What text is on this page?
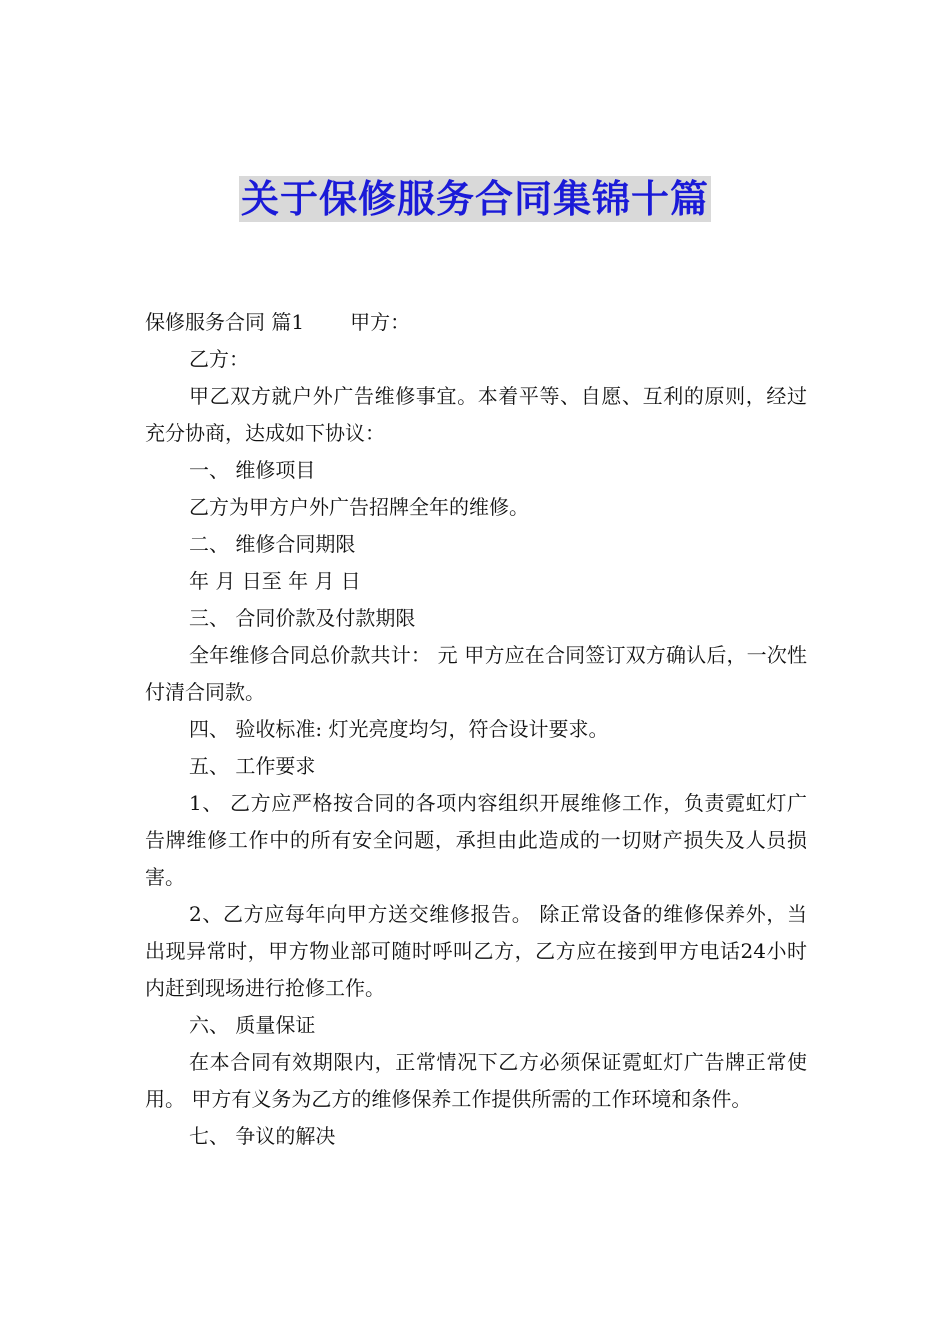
关于保修服务合同集锦十篇

保修服务合同 篇1 甲方：

乙方：

甲乙双方就户外广告维修事宜。本着平等、自愿、互利的原则，经过充分协商，达成如下协议：

一、 维修项目

乙方为甲方户外广告招牌全年的维修。

二、 维修合同期限

年 月 日至 年 月 日

三、 合同价款及付款期限

全年维修合同总价款共计： 元 甲方应在合同签订双方确认后，一次性付清合同款。

四、 验收标准: 灯光亮度均匀，符合设计要求。

五、 工作要求

1、 乙方应严格按合同的各项内容组织开展维修工作，负责霓虹灯广告牌维修工作中的所有安全问题，承担由此造成的一切财产损失及人员损害。

2、乙方应每年向甲方送交维修报告。 除正常设备的维修保养外，当出现异常时，甲方物业部可随时呼叫乙方，乙方应在接到甲方电话24小时内赶到现场进行抢修工作。

六、 质量保证

在本合同有效期限内，正常情况下乙方必须保证霓虹灯广告牌正常使用。 甲方有义务为乙方的维修保养工作提供所需的工作环境和条件。

七、 争议的解决
